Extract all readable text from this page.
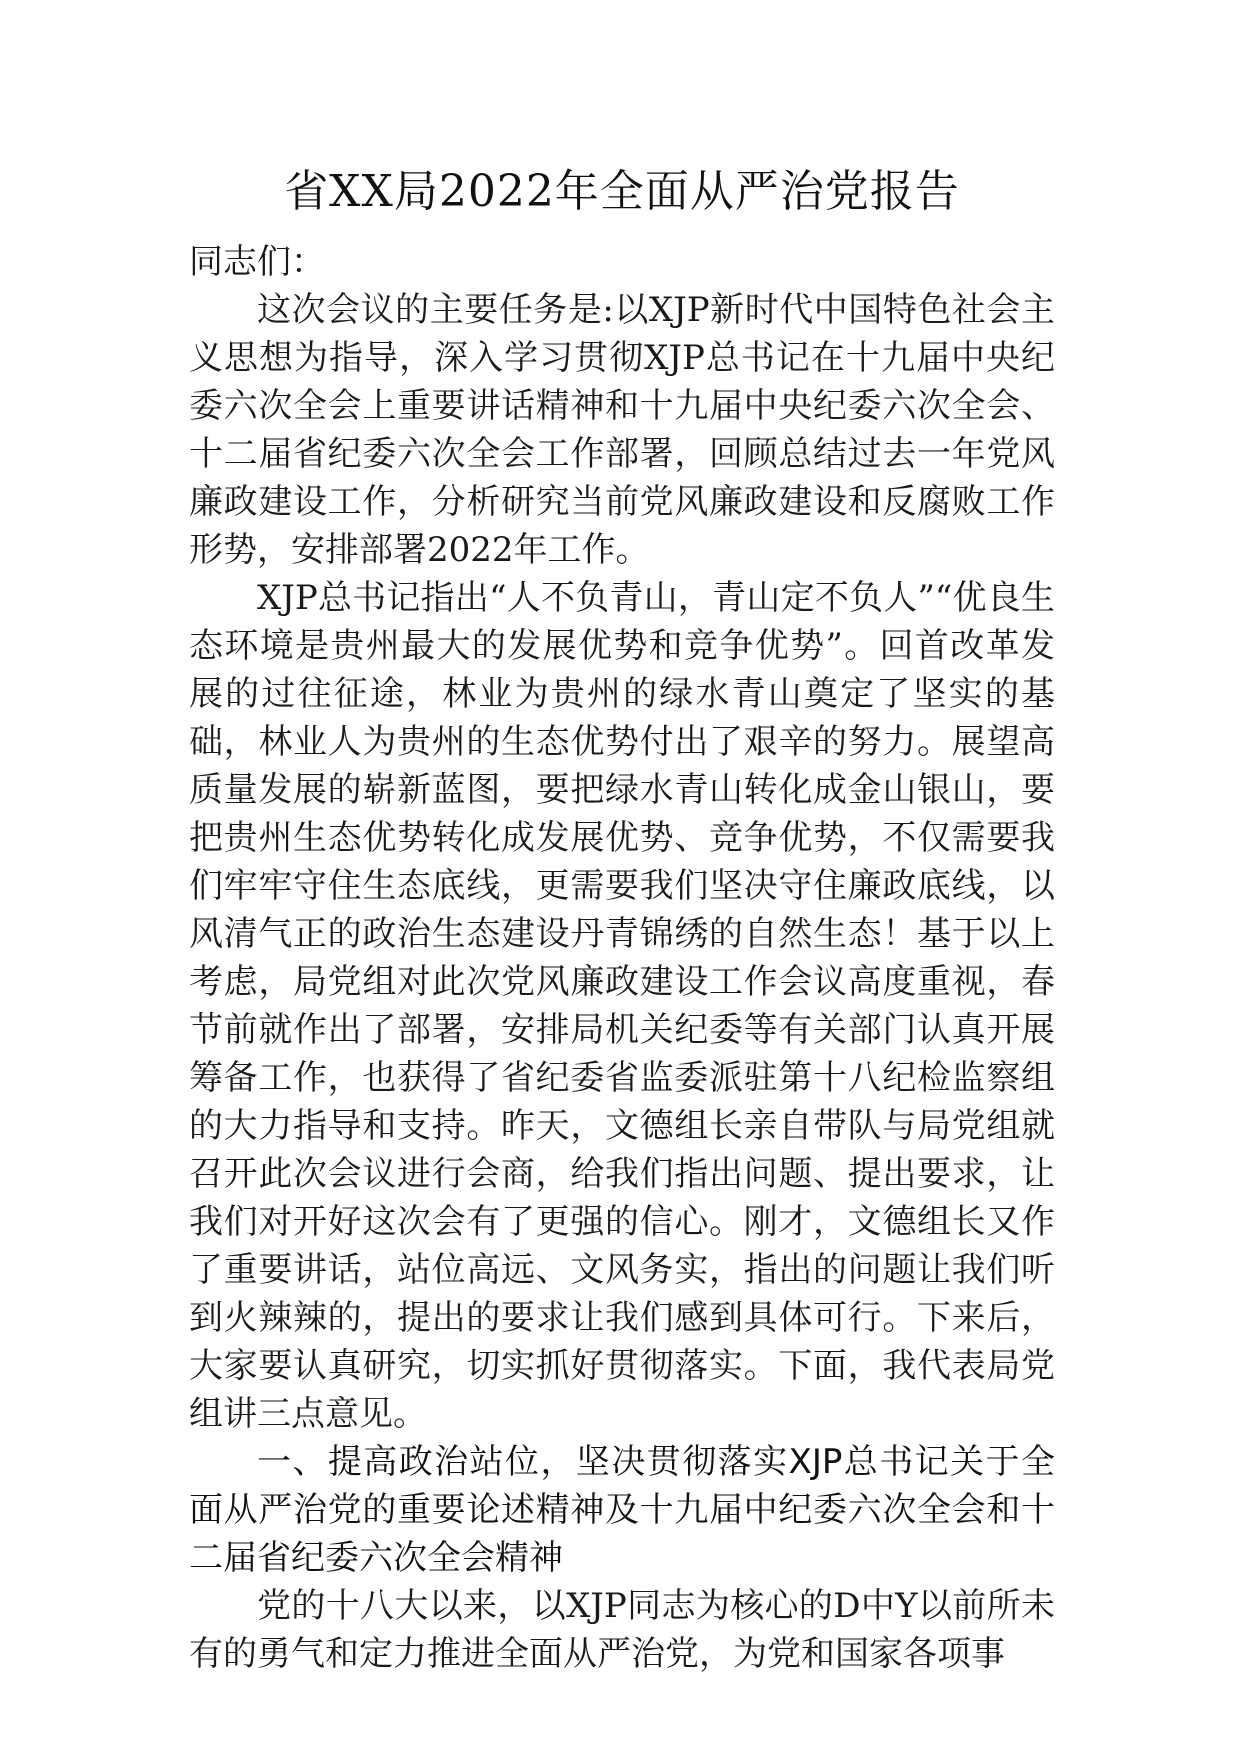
省XX局2022年全面从严治党报告

同志们：

这次会议的主要任务是:以XJP新时代中国特色社会主义思想为指导，深入学习贯彻XJP总书记在十九届中央纪委六次全会上重要讲话精神和十九届中央纪委六次全会、十二届省纪委六次全会工作部署，回顾总结过去一年党风廉政建设工作，分析研究当前党风廉政建设和反腐败工作形势，安排部署2022年工作。

XJP总书记指出“人不负青山，青山定不负人”“优良生态环境是贵州最大的发展优势和竞争优势”。回首改革发展的过往征途，林业为贵州的绿水青山奠定了坚实的基础，林业人为贵州的生态优势付出了艰辛的努力。展望高质量发展的崭新蓝图，要把绿水青山转化成金山银山，要把贵州生态优势转化成发展优势、竞争优势，不仅需要我们牢牢守住生态底线，更需要我们坚决守住廉政底线，以风清气正的政治生态建设丹青锦绣的自然生态！基于以上考虑，局党组对此次党风廉政建设工作会议高度重视，春节前就作出了部署，安排局机关纪委等有关部门认真开展筹备工作，也获得了省纪委省监委派驻第十八纪检监察组的大力指导和支持。昨天，文德组长亲自带队与局党组就召开此次会议进行会商，给我们指出问题、提出要求，让我们对开好这次会有了更强的信心。刚才，文德组长又作了重要讲话，站位高远、文风务实，指出的问题让我们听到火辣辣的，提出的要求让我们感到具体可行。下来后，大家要认真研究，切实抓好贯彻落实。下面，我代表局党组讲三点意见。

一、提高政治站位，坚决贯彻落实XJP总书记关于全面从严治党的重要论述精神及十九届中纪委六次全会和十二届省纪委六次全会精神

党的十八大以来，以XJP同志为核心的D中Y以前所未有的勇气和定力推进全面从严治党，为党和国家各项事
